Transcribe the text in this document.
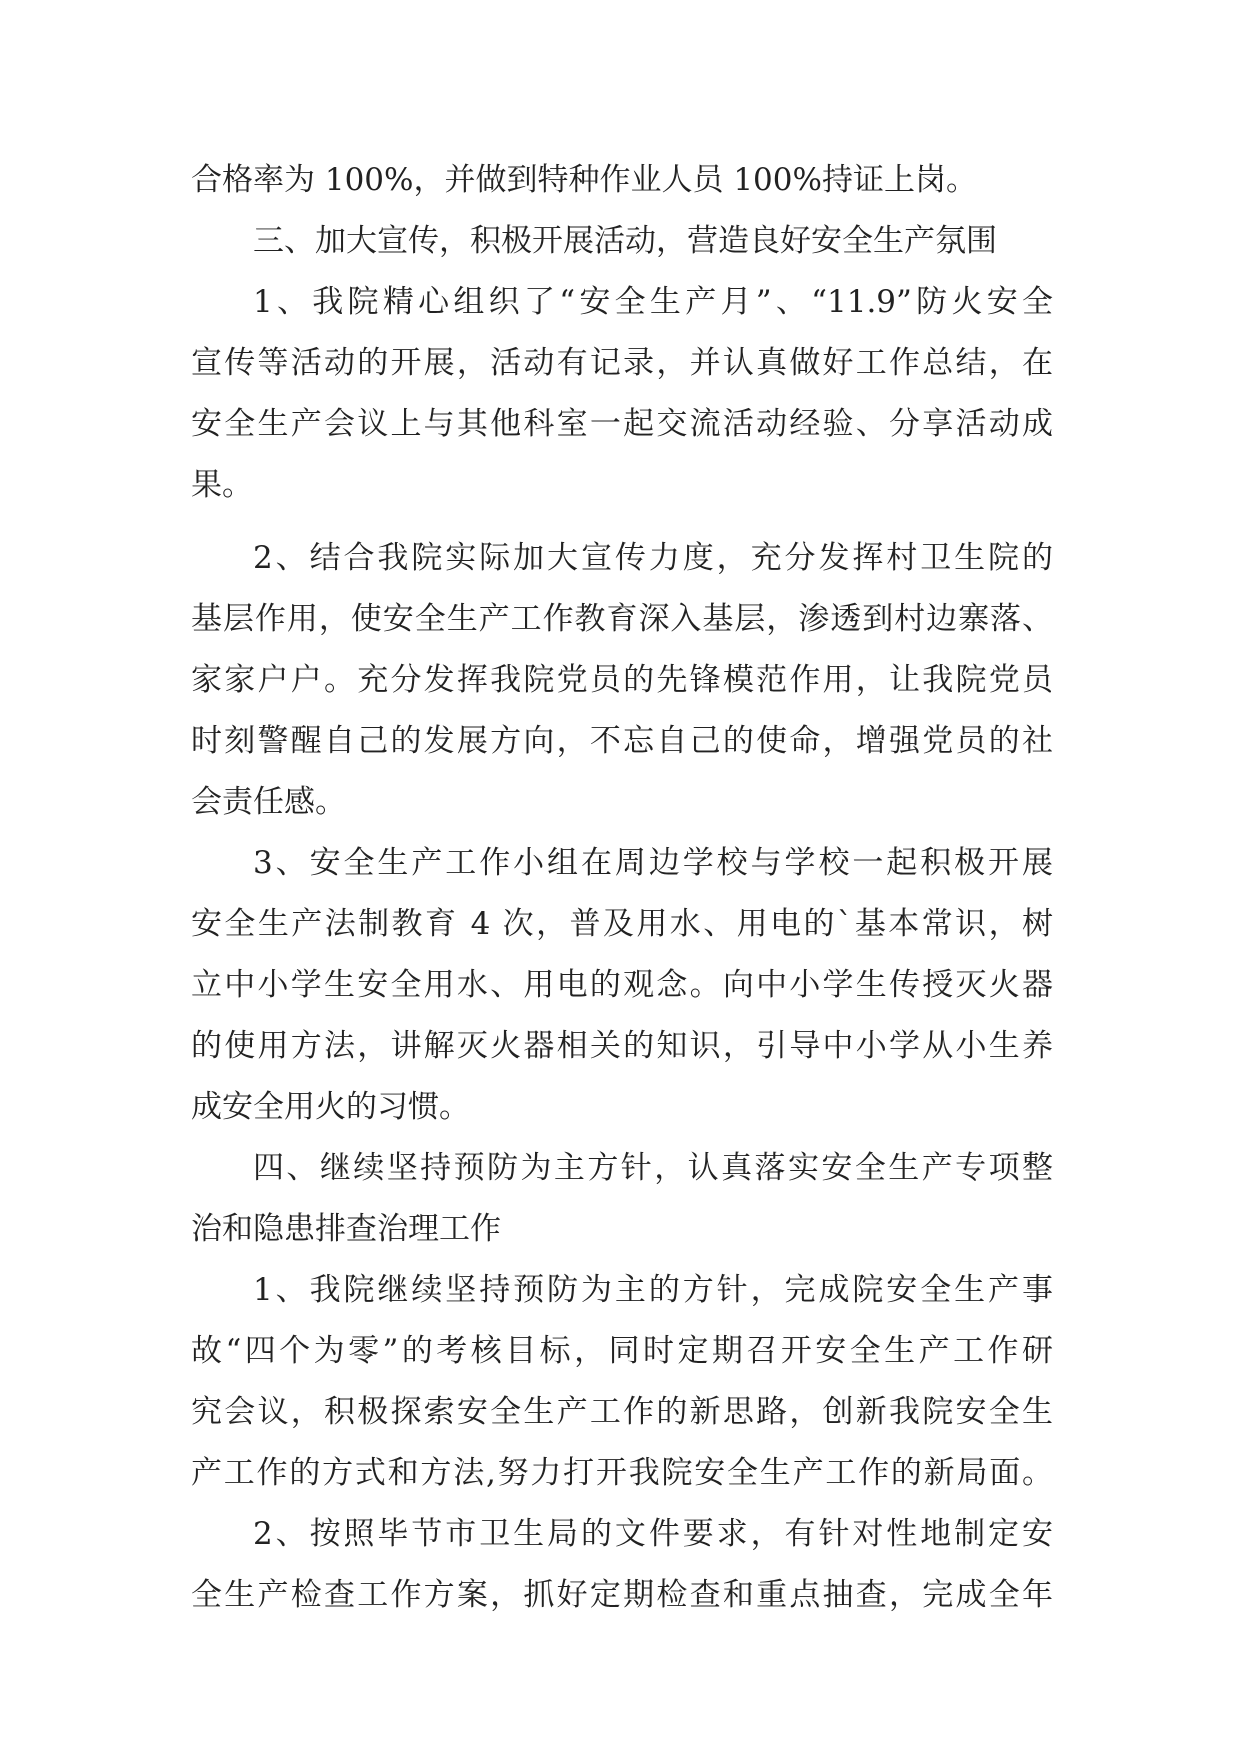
合格率为 100%，并做到特种作业人员 100%持证上岗。
三、加大宣传，积极开展活动，营造良好安全生产氛围
1、我院精心组织了“安全生产月”、“11.9”防火安全
宣传等活动的开展，活动有记录，并认真做好工作总结，在
安全生产会议上与其他科室一起交流活动经验、分享活动成
果。
2、结合我院实际加大宣传力度，充分发挥村卫生院的
基层作用，使安全生产工作教育深入基层，渗透到村边寨落、
家家户户。充分发挥我院党员的先锋模范作用，让我院党员
时刻警醒自己的发展方向，不忘自己的使命，增强党员的社
会责任感。
3、安全生产工作小组在周边学校与学校一起积极开展
安全生产法制教育 4 次，普及用水、用电的`基本常识，树
立中小学生安全用水、用电的观念。向中小学生传授灭火器
的使用方法，讲解灭火器相关的知识，引导中小学从小生养
成安全用火的习惯。
四、继续坚持预防为主方针，认真落实安全生产专项整
治和隐患排查治理工作
1、我院继续坚持预防为主的方针，完成院安全生产事
故“四个为零”的考核目标，同时定期召开安全生产工作研
究会议，积极探索安全生产工作的新思路，创新我院安全生
产工作的方式和方法,努力打开我院安全生产工作的新局面。
2、按照毕节市卫生局的文件要求，有针对性地制定安
全生产检查工作方案，抓好定期检查和重点抽查，完成全年
